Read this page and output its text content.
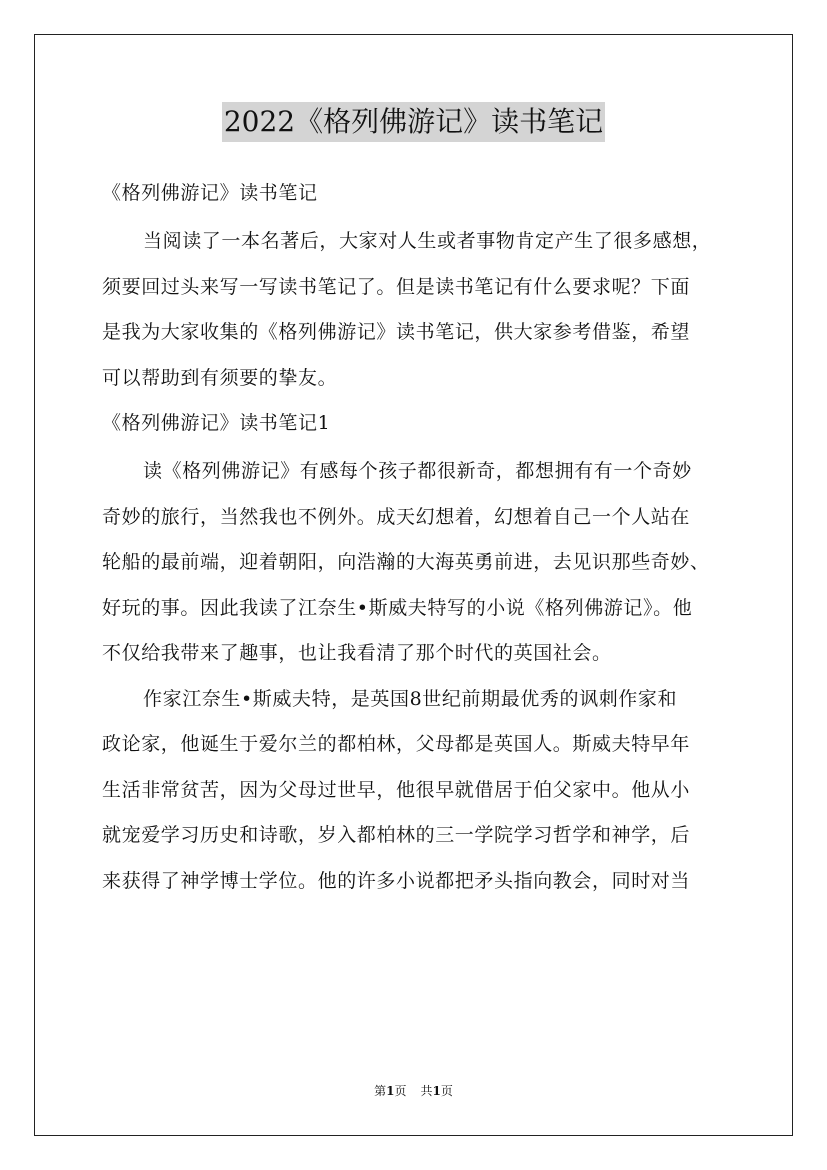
2022《格列佛游记》读书笔记
《格列佛游记》读书笔记
当阅读了一本名著后，大家对人生或者事物肯定产生了很多感想，
须要回过头来写一写读书笔记了。但是读书笔记有什么要求呢？下面
是我为大家收集的《格列佛游记》读书笔记，供大家参考借鉴，希望
可以帮助到有须要的挚友。
《格列佛游记》读书笔记1
读《格列佛游记》有感每个孩子都很新奇，都想拥有有一个奇妙
奇妙的旅行，当然我也不例外。成天幻想着，幻想着自己一个人站在
轮船的最前端，迎着朝阳，向浩瀚的大海英勇前进，去见识那些奇妙、
好玩的事。因此我读了江奈生•斯威夫特写的小说《格列佛游记》。他
不仅给我带来了趣事，也让我看清了那个时代的英国社会。
作家江奈生•斯威夫特，是英国8世纪前期最优秀的讽刺作家和
政论家，他诞生于爱尔兰的都柏林，父母都是英国人。斯威夫特早年
生活非常贫苦，因为父母过世早，他很早就借居于伯父家中。他从小
就宠爱学习历史和诗歌，岁入都柏林的三一学院学习哲学和神学，后
来获得了神学博士学位。他的许多小说都把矛头指向教会，同时对当
第1页 共1页
